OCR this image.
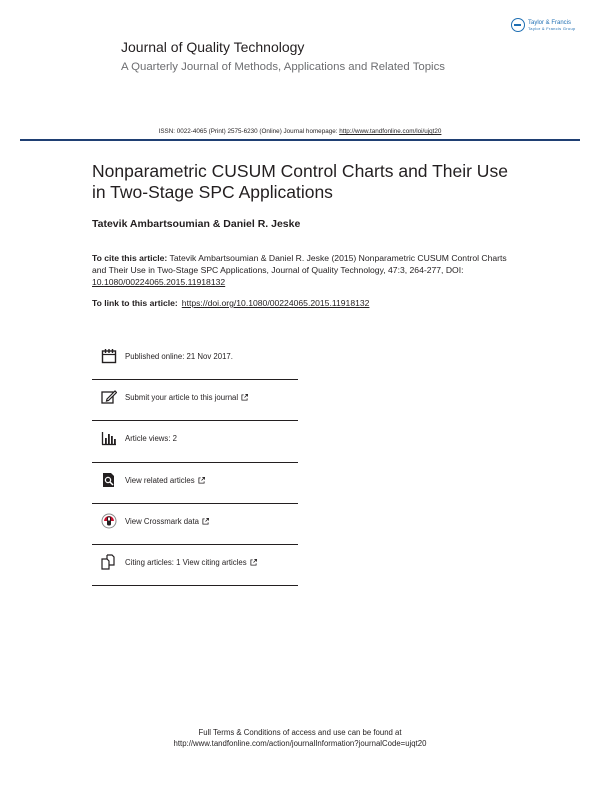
Taylor & Francis
Taylor & Francis Group
Journal of Quality Technology
A Quarterly Journal of Methods, Applications and Related Topics
ISSN: 0022-4065 (Print) 2575-6230 (Online) Journal homepage: http://www.tandfonline.com/loi/ujqt20
Nonparametric CUSUM Control Charts and Their Use in Two-Stage SPC Applications
Tatevik Ambartsoumian & Daniel R. Jeske
To cite this article: Tatevik Ambartsoumian & Daniel R. Jeske (2015) Nonparametric CUSUM Control Charts and Their Use in Two-Stage SPC Applications, Journal of Quality Technology, 47:3, 264-277, DOI: 10.1080/00224065.2015.11918132
To link to this article: https://doi.org/10.1080/00224065.2015.11918132
Published online: 21 Nov 2017.
Submit your article to this journal
Article views: 2
View related articles
View Crossmark data
Citing articles: 1 View citing articles
Full Terms & Conditions of access and use can be found at
http://www.tandfonline.com/action/journalInformation?journalCode=ujqt20
